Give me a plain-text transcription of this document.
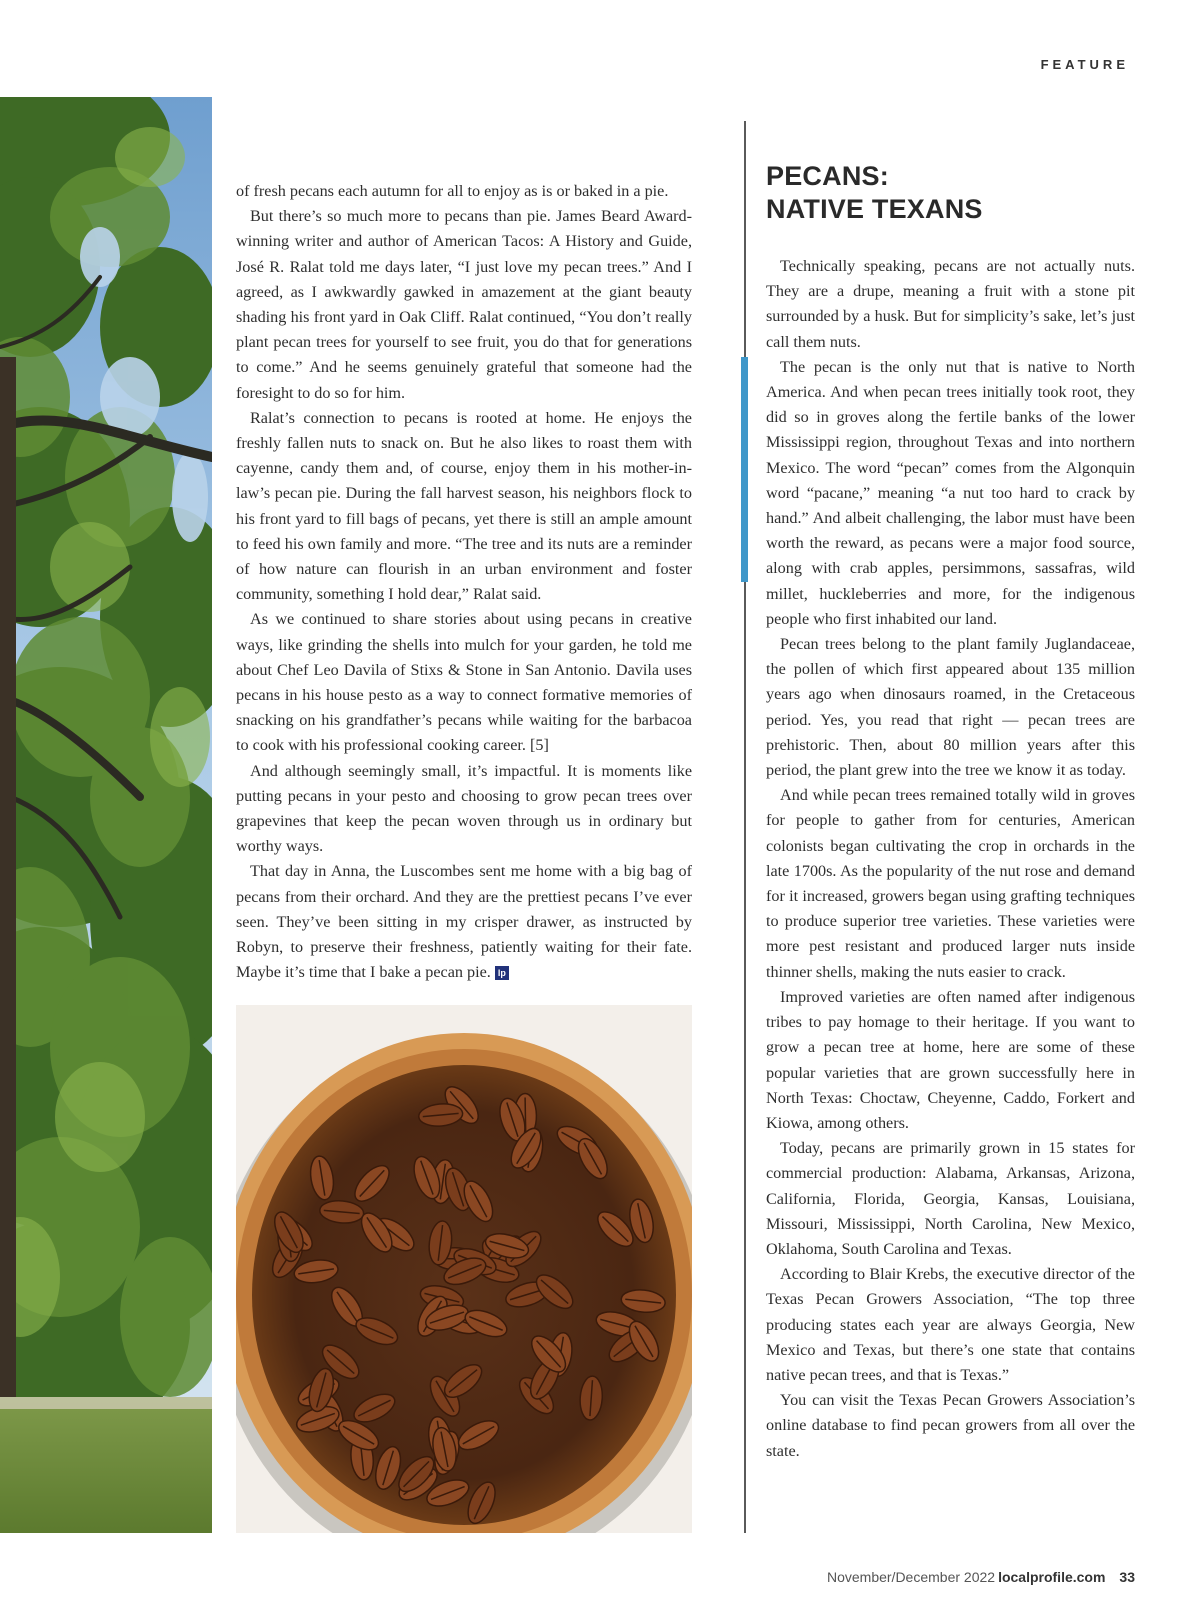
FEATURE

of fresh pecans each autumn for all to enjoy as is or baked in a pie.

But there’s so much more to pecans than pie. James Beard Award-winning writer and author of American Tacos: A History and Guide, José R. Ralat told me days later, “I just love my pecan trees.” And I agreed, as I awkwardly gawked in amazement at the giant beauty shading his front yard in Oak Cliff. Ralat continued, “You don’t really plant pecan trees for yourself to see fruit, you do that for generations to come.” And he seems genuinely grateful that someone had the foresight to do so for him.

Ralat’s connection to pecans is rooted at home. He enjoys the freshly fallen nuts to snack on. But he also likes to roast them with cayenne, candy them and, of course, enjoy them in his mother-in-law’s pecan pie. During the fall harvest season, his neighbors flock to his front yard to fill bags of pecans, yet there is still an ample amount to feed his own family and more. “The tree and its nuts are a reminder of how nature can flourish in an urban environment and foster community, something I hold dear,” Ralat said.

As we continued to share stories about using pecans in creative ways, like grinding the shells into mulch for your garden, he told me about Chef Leo Davila of Stixs & Stone in San Antonio. Davila uses pecans in his house pesto as a way to connect formative memories of snacking on his grandfather’s pecans while waiting for the barbacoa to cook with his professional cooking career. [5]

And although seemingly small, it’s impactful. It is moments like putting pecans in your pesto and choosing to grow pecan trees over grapevines that keep the pecan woven through us in ordinary but worthy ways.

That day in Anna, the Luscombes sent me home with a big bag of pecans from their orchard. And they are the prettiest pecans I’ve ever seen. They’ve been sitting in my crisper drawer, as instructed by Robyn, to preserve their freshness, patiently waiting for their fate. Maybe it’s time that I bake a pecan pie. lp

PECANS:
NATIVE TEXANS

Technically speaking, pecans are not actually nuts. They are a drupe, meaning a fruit with a stone pit surrounded by a husk. But for simplicity’s sake, let’s just call them nuts.

The pecan is the only nut that is native to North America. And when pecan trees initially took root, they did so in groves along the fertile banks of the lower Mississippi region, throughout Texas and into northern Mexico. The word “pecan” comes from the Algonquin word “pacane,” meaning “a nut too hard to crack by hand.” And albeit challenging, the labor must have been worth the reward, as pecans were a major food source, along with crab apples, persimmons, sassafras, wild millet, huckleberries and more, for the indigenous people who first inhabited our land.

Pecan trees belong to the plant family Juglandaceae, the pollen of which first appeared about 135 million years ago when dinosaurs roamed, in the Cretaceous period. Yes, you read that right — pecan trees are prehistoric. Then, about 80 million years after this period, the plant grew into the tree we know it as today.

And while pecan trees remained totally wild in groves for people to gather from for centuries, American colonists began cultivating the crop in orchards in the late 1700s. As the popularity of the nut rose and demand for it increased, growers began using grafting techniques to produce superior tree varieties. These varieties were more pest resistant and produced larger nuts inside thinner shells, making the nuts easier to crack.

Improved varieties are often named after indigenous tribes to pay homage to their heritage. If you want to grow a pecan tree at home, here are some of these popular varieties that are grown successfully here in North Texas: Choctaw, Cheyenne, Caddo, Forkert and Kiowa, among others.

Today, pecans are primarily grown in 15 states for commercial production: Alabama, Arkansas, Arizona, California, Florida, Georgia, Kansas, Louisiana, Missouri, Mississippi, North Carolina, New Mexico, Oklahoma, South Carolina and Texas.

According to Blair Krebs, the executive director of the Texas Pecan Growers Association, “The top three producing states each year are always Georgia, New Mexico and Texas, but there’s one state that contains native pecan trees, and that is Texas.”

You can visit the Texas Pecan Growers Association’s online database to find pecan growers from all over the state.

November/December 2022 localprofile.com 33
